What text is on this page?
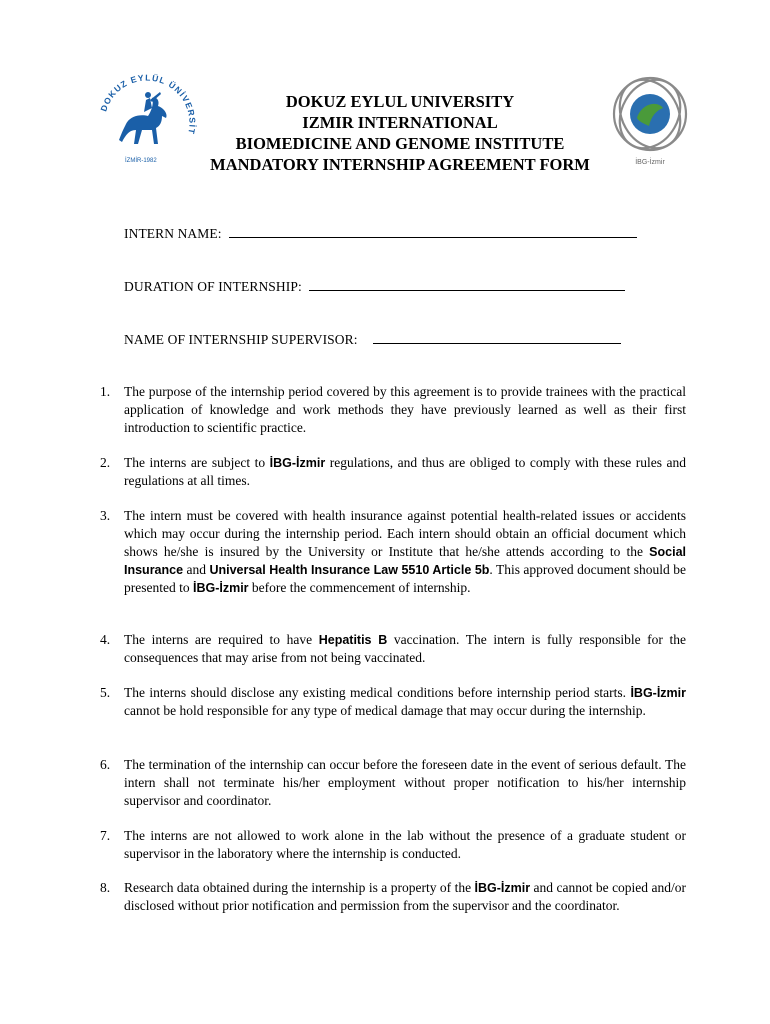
DOKUZ EYLÜL ÜNİVERSİT
İZMİR-1982	İBG-İzmir
DOKUZ EYLUL UNIVERSITY
IZMIR INTERNATIONAL
BIOMEDICINE AND GENOME INSTITUTE
MANDATORY INTERNSHIP AGREEMENT FORM
INTERN NAME:
DURATION OF INTERNSHIP:
NAME OF INTERNSHIP SUPERVISOR:
1.	The purpose of the internship period covered by this agreement is to provide trainees with the practical application of knowledge and work methods they have previously learned as well as their first introduction to scientific practice.
2.	The interns are subject to İBG-İzmir regulations, and thus are obliged to comply with these rules and regulations at all times.
3.	The intern must be covered with health insurance against potential health-related issues or accidents which may occur during the internship period. Each intern should obtain an official document which shows he/she is insured by the University or Institute that he/she attends according to the Social Insurance and Universal Health Insurance Law 5510 Article 5b. This approved document should be presented to İBG-İzmir before the commencement of internship.
4.	The interns are required to have Hepatitis B vaccination. The intern is fully responsible for the consequences that may arise from not being vaccinated.
5.	The interns should disclose any existing medical conditions before internship period starts. İBG-İzmir cannot be hold responsible for any type of medical damage that may occur during the internship.
6.	The termination of the internship can occur before the foreseen date in the event of serious default. The intern shall not terminate his/her employment without proper notification to his/her internship supervisor and coordinator.
7.	The interns are not allowed to work alone in the lab without the presence of a graduate student or supervisor in the laboratory where the internship is conducted.
8.	Research data obtained during the internship is a property of the İBG-İzmir and cannot be copied and/or disclosed without prior notification and permission from the supervisor and the coordinator.
